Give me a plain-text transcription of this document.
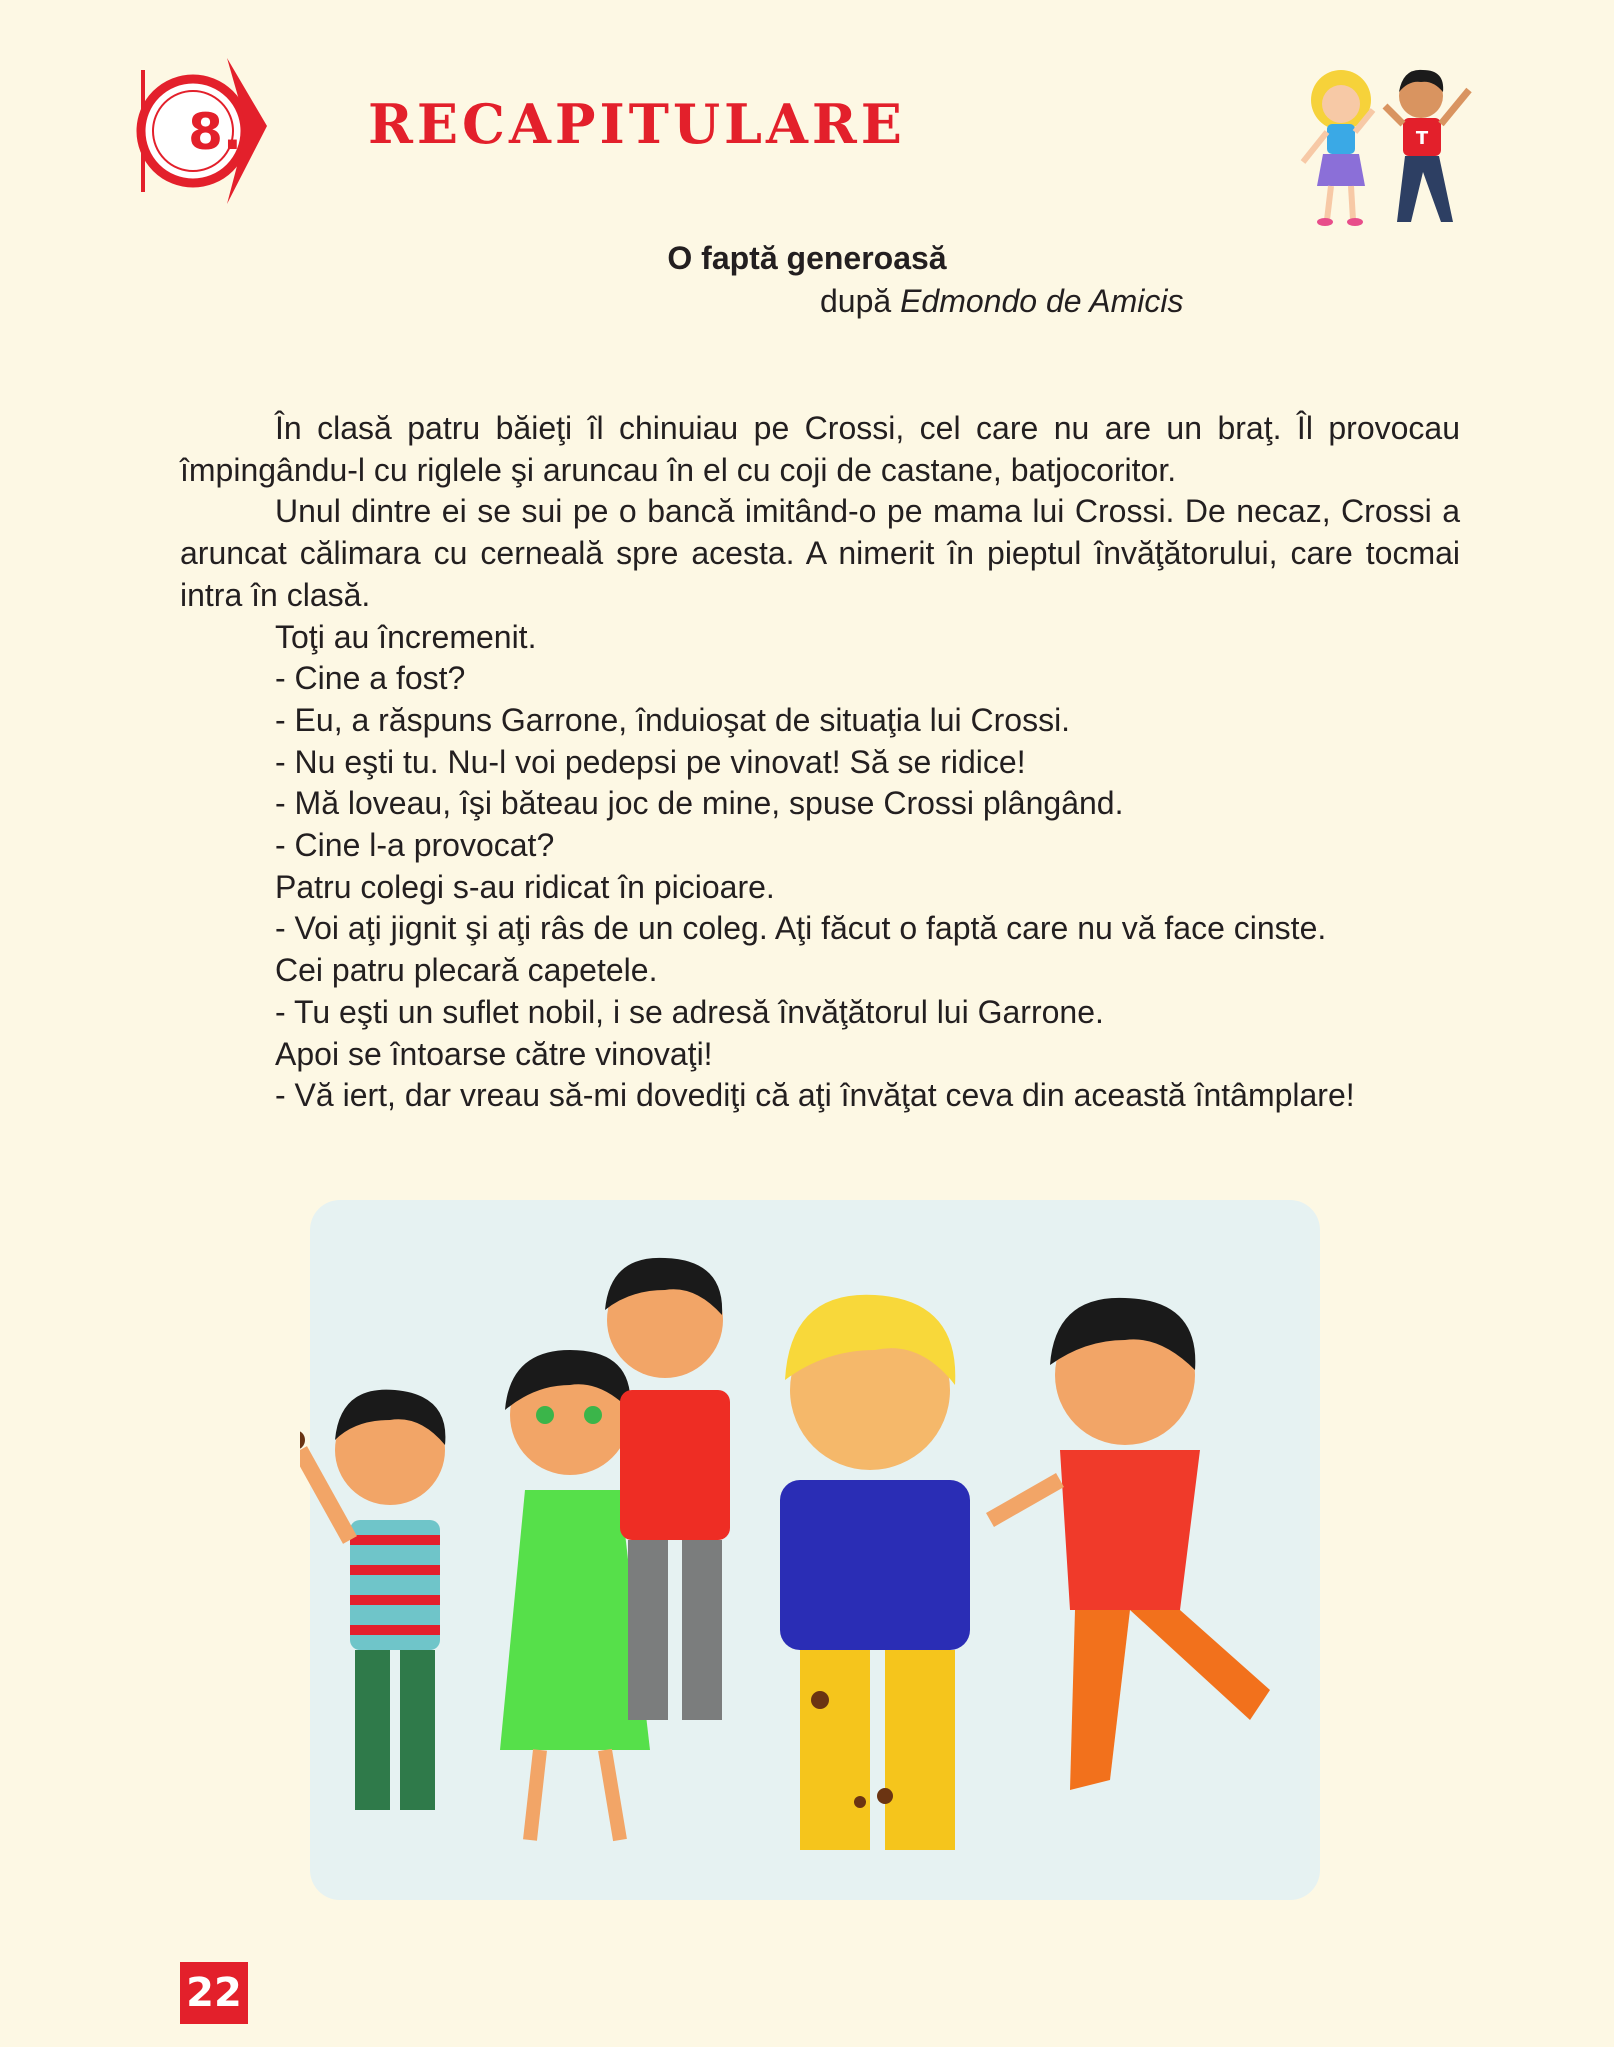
8. RECAPITULARE	T
O faptă generoasă
după Edmondo de Amicis

În clasă patru băieţi îl chinuiau pe Crossi, cel care nu are un braţ. Îl provocau împingându-l cu riglele şi aruncau în el cu coji de castane, batjocoritor.

Unul dintre ei se sui pe o bancă imitând-o pe mama lui Crossi. De necaz, Crossi a aruncat călimara cu cerneală spre acesta. A nimerit în pieptul învăţătorului, care tocmai intra în clasă.

Toţi au încremenit.

- Cine a fost?

- Eu, a răspuns Garrone, înduioşat de situaţia lui Crossi.

- Nu eşti tu. Nu-l voi pedepsi pe vinovat! Să se ridice!

- Mă loveau, îşi băteau joc de mine, spuse Crossi plângând.

- Cine l-a provocat?

Patru colegi s-au ridicat în picioare.

- Voi aţi jignit şi aţi râs de un coleg. Aţi făcut o faptă care nu vă face cinste.

Cei patru plecară capetele.

- Tu eşti un suflet nobil, i se adresă învăţătorul lui Garrone.

Apoi se întoarse către vinovaţi!

- Vă iert, dar vreau să-mi dovediţi că aţi învăţat ceva din această întâmplare!

22
